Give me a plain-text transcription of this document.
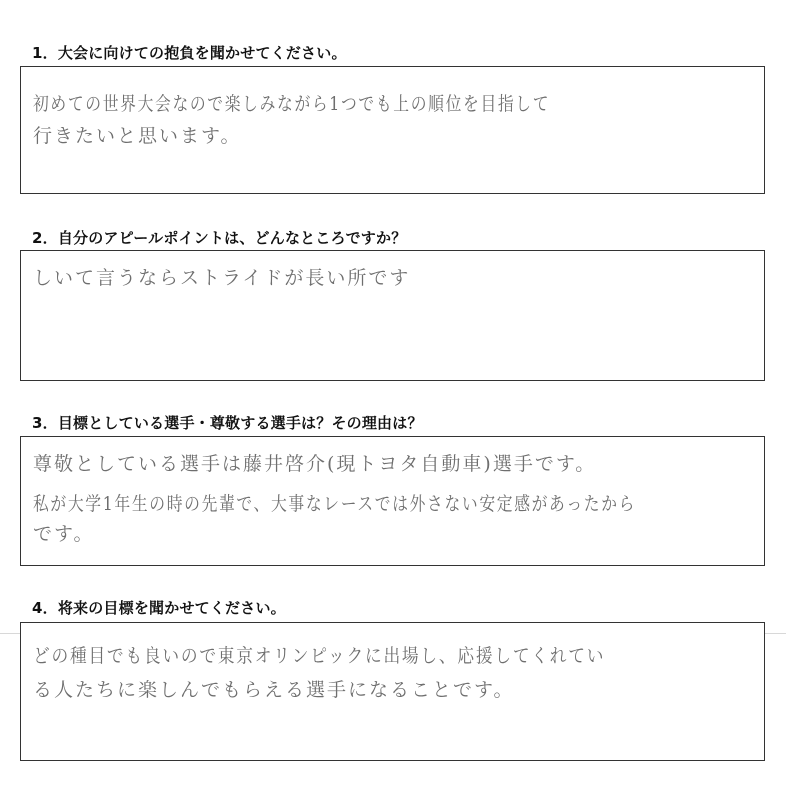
1．大会に向けての抱負を聞かせてください。
初めての世界大会なので楽しみながら1つでも上の順位を目指して
行きたいと思います。
2．自分のアピールポイントは、どんなところですか？
しいて言うならストライドが長い所です
3．目標としている選手・尊敬する選手は？その理由は？
尊敬としている選手は藤井啓介(現トヨタ自動車)選手です。
私が大学1年生の時の先輩で、大事なレースでは外さない安定感があったから
です。
4．将来の目標を聞かせてください。
どの種目でも良いので東京オリンピックに出場し、応援してくれてい
る人たちに楽しんでもらえる選手になることです。
